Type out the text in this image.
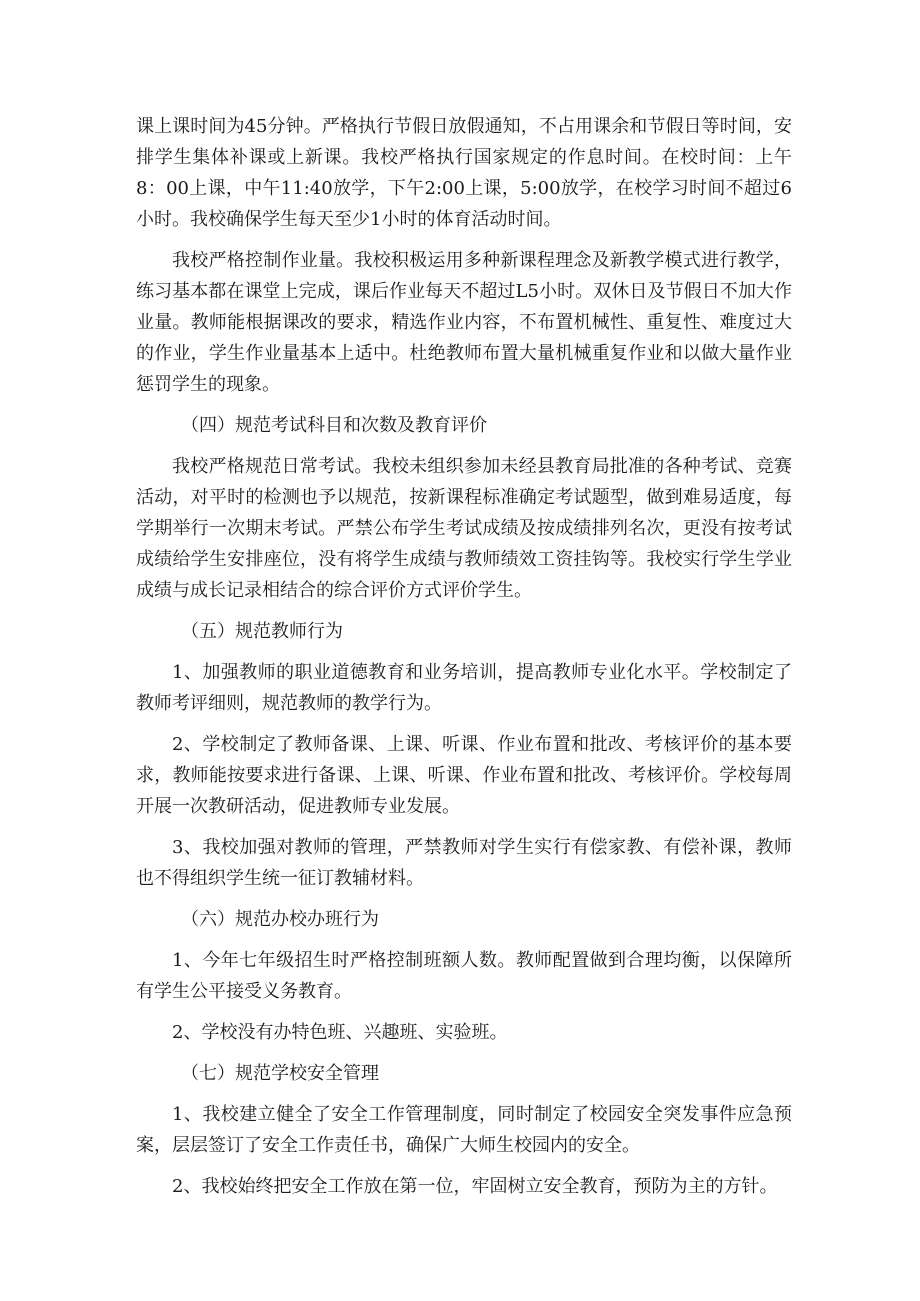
课上课时间为45分钟。严格执行节假日放假通知，不占用课余和节假日等时间，安排学生集体补课或上新课。我校严格执行国家规定的作息时间。在校时间：上午8：00上课，中午11:40放学，下午2:00上课，5:00放学，在校学习时间不超过6小时。我校确保学生每天至少1小时的体育活动时间。

我校严格控制作业量。我校积极运用多种新课程理念及新教学模式进行教学，练习基本都在课堂上完成，课后作业每天不超过L5小时。双休日及节假日不加大作业量。教师能根据课改的要求，精选作业内容，不布置机械性、重复性、难度过大的作业，学生作业量基本上适中。杜绝教师布置大量机械重复作业和以做大量作业惩罚学生的现象。

（四）规范考试科目和次数及教育评价

我校严格规范日常考试。我校未组织参加未经县教育局批准的各种考试、竞赛活动，对平时的检测也予以规范，按新课程标准确定考试题型，做到难易适度，每学期举行一次期末考试。严禁公布学生考试成绩及按成绩排列名次，更没有按考试成绩给学生安排座位，没有将学生成绩与教师绩效工资挂钩等。我校实行学生学业成绩与成长记录相结合的综合评价方式评价学生。

（五）规范教师行为

1、加强教师的职业道德教育和业务培训，提高教师专业化水平。学校制定了教师考评细则，规范教师的教学行为。

2、学校制定了教师备课、上课、听课、作业布置和批改、考核评价的基本要求，教师能按要求进行备课、上课、听课、作业布置和批改、考核评价。学校每周开展一次教研活动，促进教师专业发展。

3、我校加强对教师的管理，严禁教师对学生实行有偿家教、有偿补课，教师也不得组织学生统一征订教辅材料。

（六）规范办校办班行为

1、今年七年级招生时严格控制班额人数。教师配置做到合理均衡，以保障所有学生公平接受义务教育。

2、学校没有办特色班、兴趣班、实验班。

（七）规范学校安全管理

1、我校建立健全了安全工作管理制度，同时制定了校园安全突发事件应急预案，层层签订了安全工作责任书，确保广大师生校园内的安全。

2、我校始终把安全工作放在第一位，牢固树立安全教育，预防为主的方针。
